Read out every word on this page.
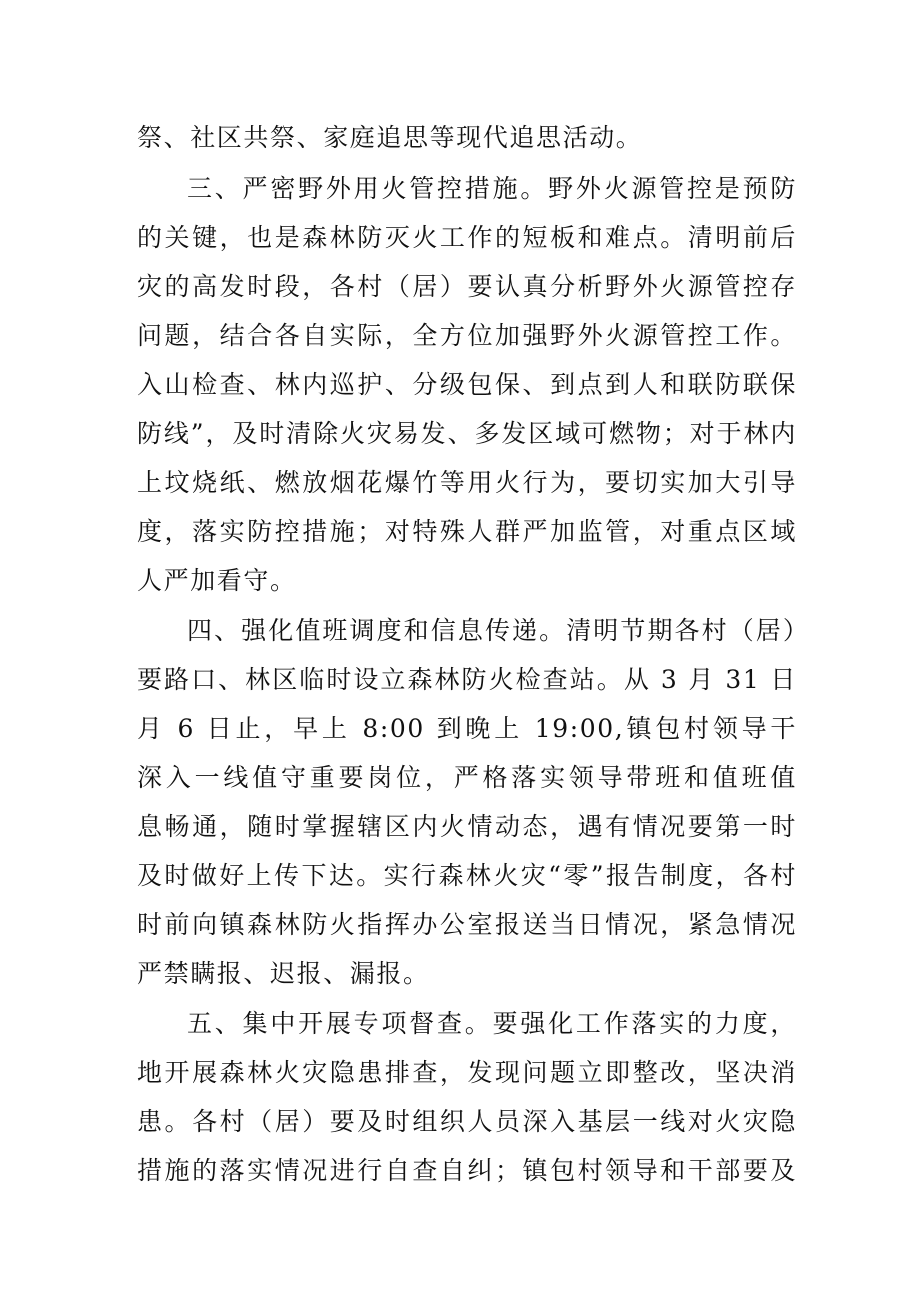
祭、社区共祭、家庭追思等现代追思活动。
三、严密野外用火管控措施。野外火源管控是预防
的关键，也是森林防灭火工作的短板和难点。清明前后
灾的高发时段，各村（居）要认真分析野外火源管控存
问题，结合各自实际，全方位加强野外火源管控工作。
入山检查、林内巡护、分级包保、到点到人和联防联保
防线”，及时清除火灾易发、多发区域可燃物；对于林内
上坟烧纸、燃放烟花爆竹等用火行为，要切实加大引导
度，落实防控措施；对特殊人群严加监管，对重点区域
人严加看守。
四、强化值班调度和信息传递。清明节期各村（居）
要路口、林区临时设立森林防火检查站。从 3 月 31 日
月 6 日止，早上 8:00 到晚上 19:00,镇包村领导干
深入一线值守重要岗位，严格落实领导带班和值班值
息畅通，随时掌握辖区内火情动态，遇有情况要第一时
及时做好上传下达。实行森林火灾“零”报告制度，各村
时前向镇森林防火指挥办公室报送当日情况，紧急情况
严禁瞒报、迟报、漏报。
五、集中开展专项督查。要强化工作落实的力度，
地开展森林火灾隐患排查，发现问题立即整改，坚决消
患。各村（居）要及时组织人员深入基层一线对火灾隐
措施的落实情况进行自查自纠；镇包村领导和干部要及
